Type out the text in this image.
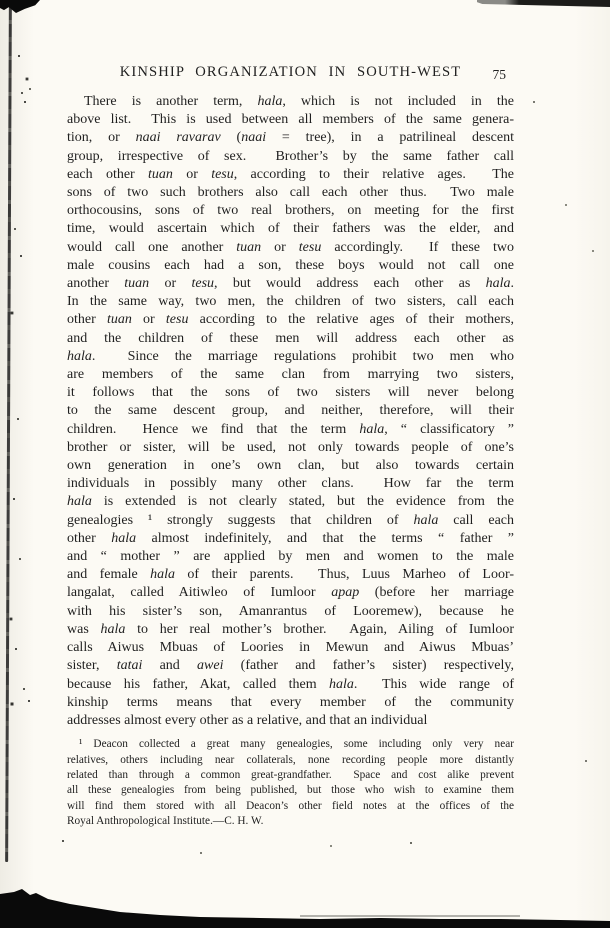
KINSHIP ORGANIZATION IN SOUTH-WEST 75
There is another term, hala, which is not included in the
above list.  This is used between all members of the same genera-
tion, or naai ravarav (naai = tree), in a patrilineal descent
group, irrespective of sex.  Brother’s by the same father call
each other tuan or tesu, according to their relative ages.  The
sons of two such brothers also call each other thus.  Two male
orthocousins, sons of two real brothers, on meeting for the first
time, would ascertain which of their fathers was the elder, and
would call one another tuan or tesu accordingly.  If these two
male cousins each had a son, these boys would not call one
another tuan or tesu, but would address each other as hala.
In the same way, two men, the children of two sisters, call each
other tuan or tesu according to the relative ages of their mothers,
and the children of these men will address each other as
hala.  Since the marriage regulations prohibit two men who
are members of the same clan from marrying two sisters,
it follows that the sons of two sisters will never belong
to the same descent group, and neither, therefore, will their
children.  Hence we find that the term hala, “ classificatory ”
brother or sister, will be used, not only towards people of one’s
own generation in one’s own clan, but also towards certain
individuals in possibly many other clans.  How far the term
hala is extended is not clearly stated, but the evidence from the
genealogies ¹ strongly suggests that children of hala call each
other hala almost indefinitely, and that the terms “ father ”
and “ mother ” are applied by men and women to the male
and female hala of their parents.  Thus, Luus Marheo of Loor-
langalat, called Aitiwleo of Iumloor apap (before her marriage
with his sister’s son, Amanrantus of Looremew), because he
was hala to her real mother’s brother.  Again, Ailing of Iumloor
calls Aiwus Mbuas of Loories in Mewun and Aiwus Mbuas’
sister, tatai and awei (father and father’s sister) respectively,
because his father, Akat, called them hala.  This wide range of
kinship terms means that every member of the community
addresses almost every other as a relative, and that an individual
¹ Deacon collected a great many genealogies, some including only very near
relatives, others including near collaterals, none recording people more distantly
related than through a common great-grandfather.  Space and cost alike prevent
all these genealogies from being published, but those who wish to examine them
will find them stored with all Deacon’s other field notes at the offices of the
Royal Anthropological Institute.—C. H. W.
